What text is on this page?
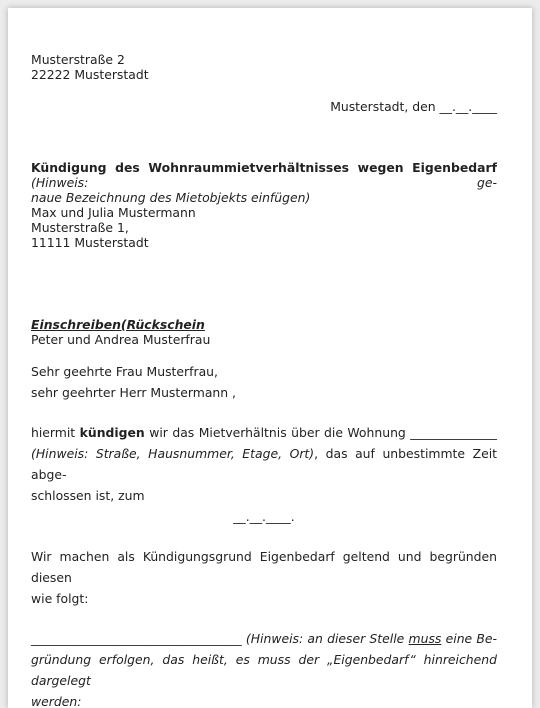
Musterstraße 2
22222 Musterstadt
Musterstadt, den __.__.____
Kündigung des Wohnraummietverhältnisses wegen Eigenbedarf (Hinweis: ge-
naue Bezeichnung des Mietobjekts einfügen)
Max und Julia Mustermann
Musterstraße 1,
11111 Musterstadt
Einschreiben(Rückschein
Peter und Andrea Musterfrau
Sehr geehrte Frau Musterfrau,
sehr geehrter Herr Mustermann ,
hiermit kündigen wir das Mietverhältnis über die Wohnung ______________
(Hinweis: Straße, Hausnummer, Etage, Ort), das auf unbestimmte Zeit abge-
schlossen ist, zum
__.__.____.
Wir machen als Kündigungsgrund Eigenbedarf geltend und begründen diesen
wie folgt:
__________________________________ (Hinweis: an dieser Stelle muss eine Be-
gründung erfolgen, das heißt, es muss der „Eigenbedarf“ hinreichend dargelegt
werden:
